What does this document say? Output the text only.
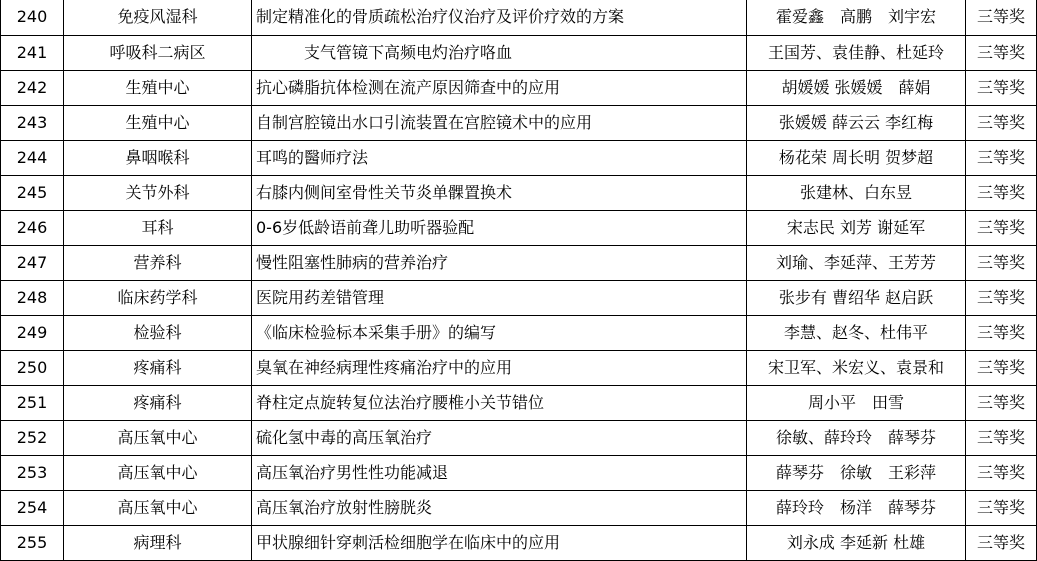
240	免疫风湿科	制定精准化的骨质疏松治疗仪治疗及评价疗效的方案	霍爱鑫　高鹏　刘宇宏	三等奖
241	呼吸科二病区	　　　支气管镜下高频电灼治疗咯血	王国芳、袁佳静、杜延玲	三等奖
242	生殖中心	抗心磷脂抗体检测在流产原因筛查中的应用	胡媛媛 张媛媛　薛娟	三等奖
243	生殖中心	自制宫腔镜出水口引流装置在宫腔镜术中的应用	张媛媛 薛云云 李红梅	三等奖
244	鼻咽喉科	耳鸣的醫师疗法	杨花荣 周长明 贺梦超	三等奖
245	关节外科	右膝内侧间室骨性关节炎单髁置换术	张建林、白东昱	三等奖
246	耳科	0-6岁低龄语前聋儿助听器验配	宋志民 刘芳 谢延军	三等奖
247	营养科	慢性阻塞性肺病的营养治疗	刘瑜、李延萍、王芳芳	三等奖
248	临床药学科	医院用药差错管理	张步有 曹绍华 赵启跃	三等奖
249	检验科	《临床检验标本采集手册》的编写	李慧、赵冬、杜伟平	三等奖
250	疼痛科	臭氧在神经病理性疼痛治疗中的应用	宋卫军、米宏义、袁景和	三等奖
251	疼痛科	脊柱定点旋转复位法治疗腰椎小关节错位	周小平　田雪	三等奖
252	高压氧中心	硫化氢中毒的高压氧治疗	徐敏、薛玲玲　薛琴芬	三等奖
253	高压氧中心	高压氧治疗男性性功能减退	薛琴芬　徐敏　王彩萍	三等奖
254	高压氧中心	高压氧治疗放射性膀胱炎	薛玲玲　杨洋　薛琴芬	三等奖
255	病理科	甲状腺细针穿刺活检细胞学在临床中的应用	刘永成 李延新 杜雄	三等奖
